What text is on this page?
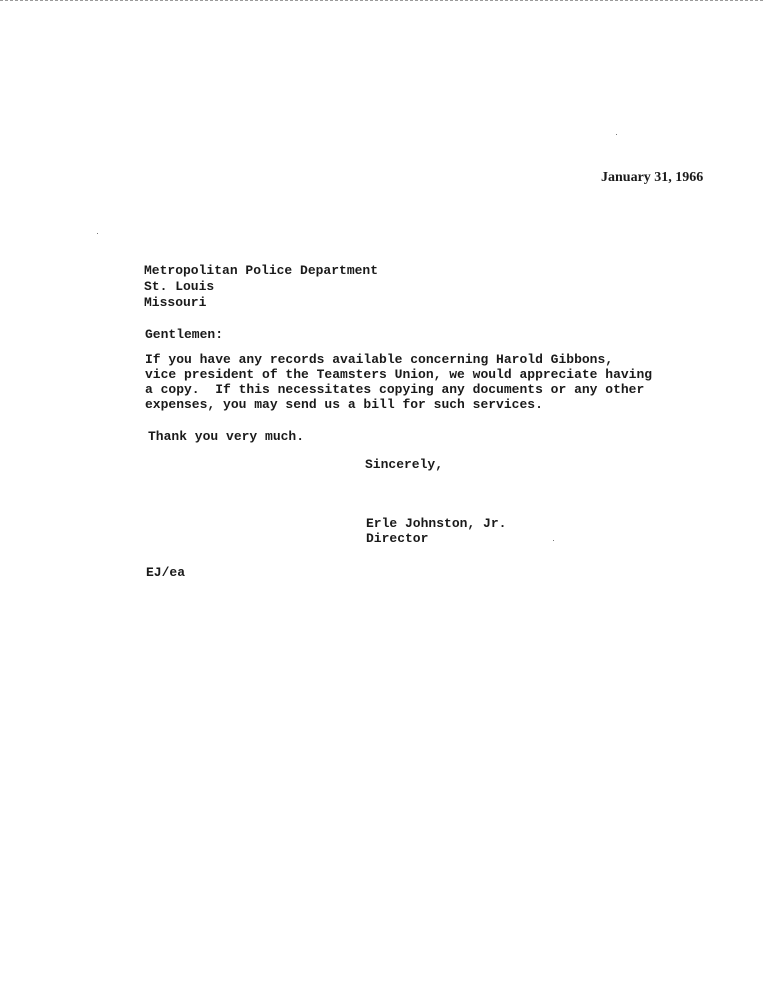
January 31, 1966
Metropolitan Police Department
St. Louis
Missouri
Gentlemen:
If you have any records available concerning Harold Gibbons,
vice president of the Teamsters Union, we would appreciate having
a copy.  If this necessitates copying any documents or any other
expenses, you may send us a bill for such services.
Thank you very much.
Sincerely,
Erle Johnston, Jr.
Director
EJ/ea
